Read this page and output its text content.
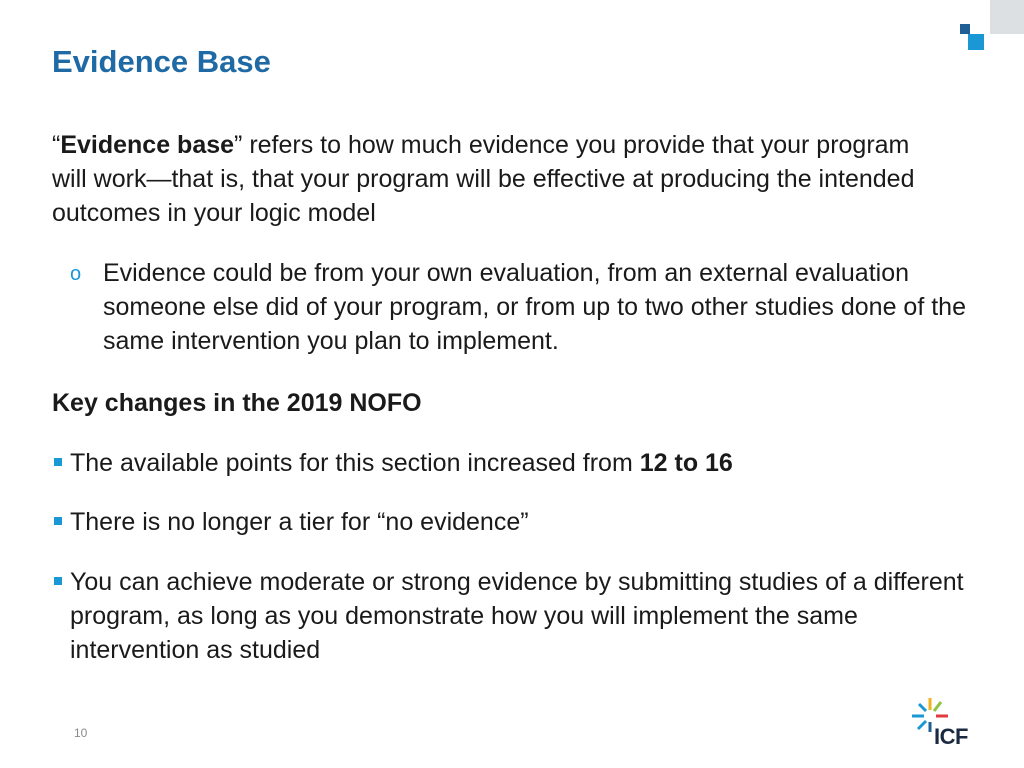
Evidence Base

“Evidence base” refers to how much evidence you provide that your program will work—that is, that your program will be effective at producing the intended outcomes in your logic model

o Evidence could be from your own evaluation, from an external evaluation someone else did of your program, or from up to two other studies done of the same intervention you plan to implement.
Key changes in the 2019 NOFO
The available points for this section increased from 12 to 16
There is no longer a tier for “no evidence”
You can achieve moderate or strong evidence by submitting studies of a different program, as long as you demonstrate how you will implement the same intervention as studied
10	ICF
